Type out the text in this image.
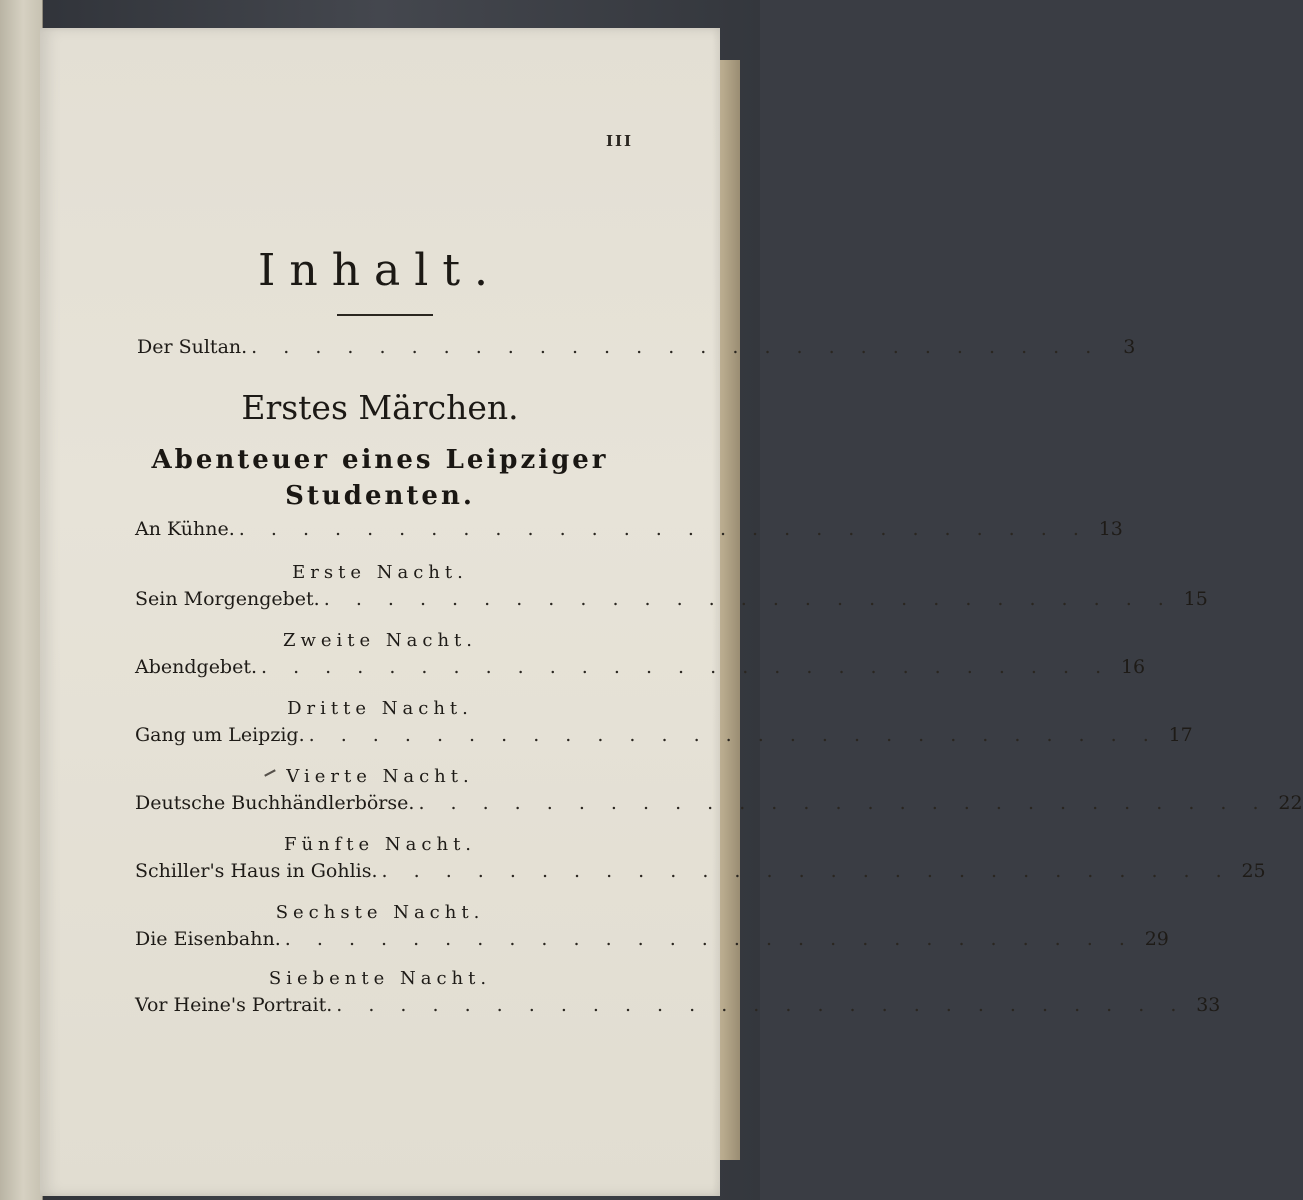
III
Inhalt.
Der Sultan. . . . . . . . . . . . . . . . . . . . . . . . . . . .	3
Erstes Märchen.
Abenteuer eines Leipziger
Studenten.
An Kühne. . . . . . . . . . . . . . . . . . . . . . . . . . . . 13
Erste Nacht.
Sein Morgengebet. . . . . . . . . . . . . . . . . . . . . . . . . . . . 15
Zweite Nacht.
Abendgebet. . . . . . . . . . . . . . . . . . . . . . . . . . . . 16
Dritte Nacht.
Gang um Leipzig. . . . . . . . . . . . . . . . . . . . . . . . . . . . 17
Vierte Nacht.
Deutsche Buchhändlerbörse. . . . . . . . . . . . . . . . . . . . . . . . . . . . 22
Fünfte Nacht.
Schiller's Haus in Gohlis. . . . . . . . . . . . . . . . . . . . . . . . . . . . 25
Sechste Nacht.
Die Eisenbahn. . . . . . . . . . . . . . . . . . . . . . . . . . . . 29
Siebente Nacht.
Vor Heine's Portrait. . . . . . . . . . . . . . . . . . . . . . . . . . . . 33
